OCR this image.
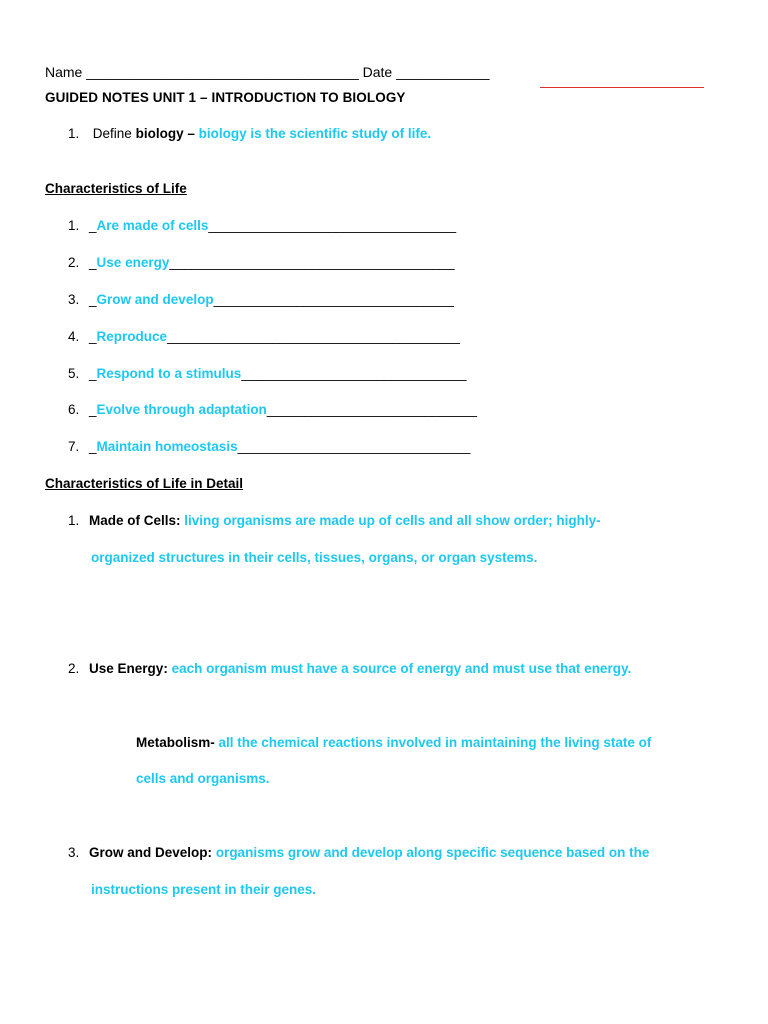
Name ___________________________________ Date ____________
GUIDED NOTES UNIT 1 – INTRODUCTION TO BIOLOGY
1. Define biology – biology is the scientific study of life.
Characteristics of Life
1. _Are made of cells_________________________________
2. _Use energy______________________________________
3. _Grow and develop________________________________
4. _Reproduce_______________________________________
5. _Respond to a stimulus______________________________
6. _Evolve through adaptation____________________________
7. _Maintain homeostasis_______________________________
Characteristics of Life in Detail
1. Made of Cells: living organisms are made up of cells and all show order; highly-
organized structures in their cells, tissues, organs, or organ systems.
2. Use Energy: each organism must have a source of energy and must use that energy.
Metabolism- all the chemical reactions involved in maintaining the living state of
cells and organisms.
3. Grow and Develop: organisms grow and develop along specific sequence based on the
instructions present in their genes.
